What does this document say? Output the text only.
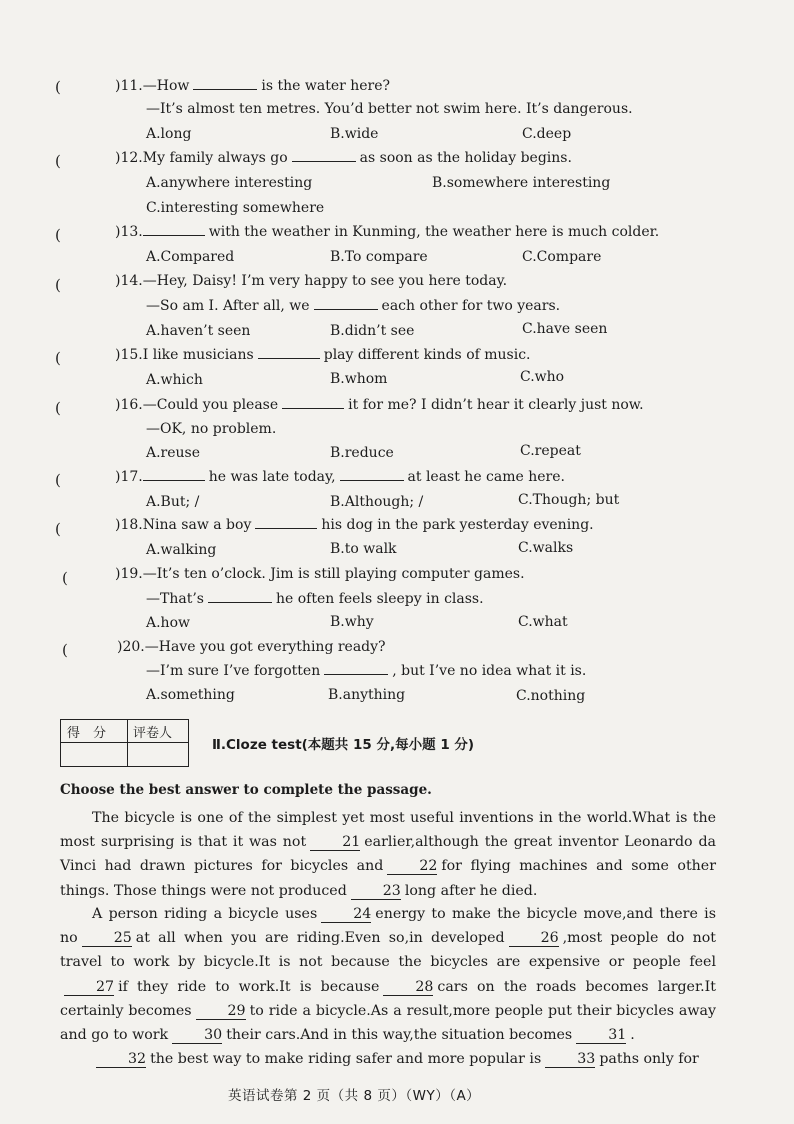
(	)11.—How	is the water here?
—It’s almost ten metres. You’d better not swim here. It’s dangerous.
A.long	B.wide	C.deep
(	)12.My family always go	as soon as the holiday begins.
A.anywhere interesting	B.somewhere interesting
C.interesting somewhere
(	)13.	with the weather in Kunming, the weather here is much colder.
A.Compared	B.To compare	C.Compare
(	)14.—Hey, Daisy! I’m very happy to see you here today.
—So am I. After all, we	each other for two years.
A.haven’t seen	B.didn’t see	C.have seen
(	)15.I like musicians	play different kinds of music.
A.which	B.whom	C.who
(	)16.—Could you please	it for me? I didn’t hear it clearly just now.
—OK, no problem.
A.reuse	B.reduce	C.repeat
(	)17.	he was late today,	at least he came here.
A.But; /	B.Although; /	C.Though; but
(	)18.Nina saw a boy	his dog in the park yesterday evening.
A.walking	B.to walk	C.walks
(	)19.—It’s ten o’clock. Jim is still playing computer games.
—That’s	he often feels sleepy in class.
A.how	B.why	C.what
(	)20.—Have you got everything ready?
—I’m sure I’ve forgotten	, but I’ve no idea what it is.
A.something	B.anything	C.nothing
得　分 评卷人
Ⅱ.Cloze test(本题共 15 分,每小题 1 分)
Choose the best answer to complete the passage.
The bicycle is one of the simplest yet most useful inventions in the world.What is the most surprising is that it was not	21 earlier,although the great inventor Leonardo da Vinci had drawn pictures for bicycles and	22 for flying machines and some other things. Those things were not produced	23 long after he died.
A person riding a bicycle uses	24 energy to make the bicycle move,and there is no	25 at all when you are riding.Even so,in developed	26 ,most people do not travel to work by bicycle.It is not because the bicycles are expensive or people feel27 if they ride to work.It is because	28 cars on the roads becomes larger.It certainly becomes	29 to ride a bicycle.As a result,more people put their bicycles away and go to work	30 their cars.And in this way,the situation becomes	31 .
32 the best way to make riding safer and more popular is	33 paths only for
英语试卷第 2 页（共 8 页）（WY）（A）
